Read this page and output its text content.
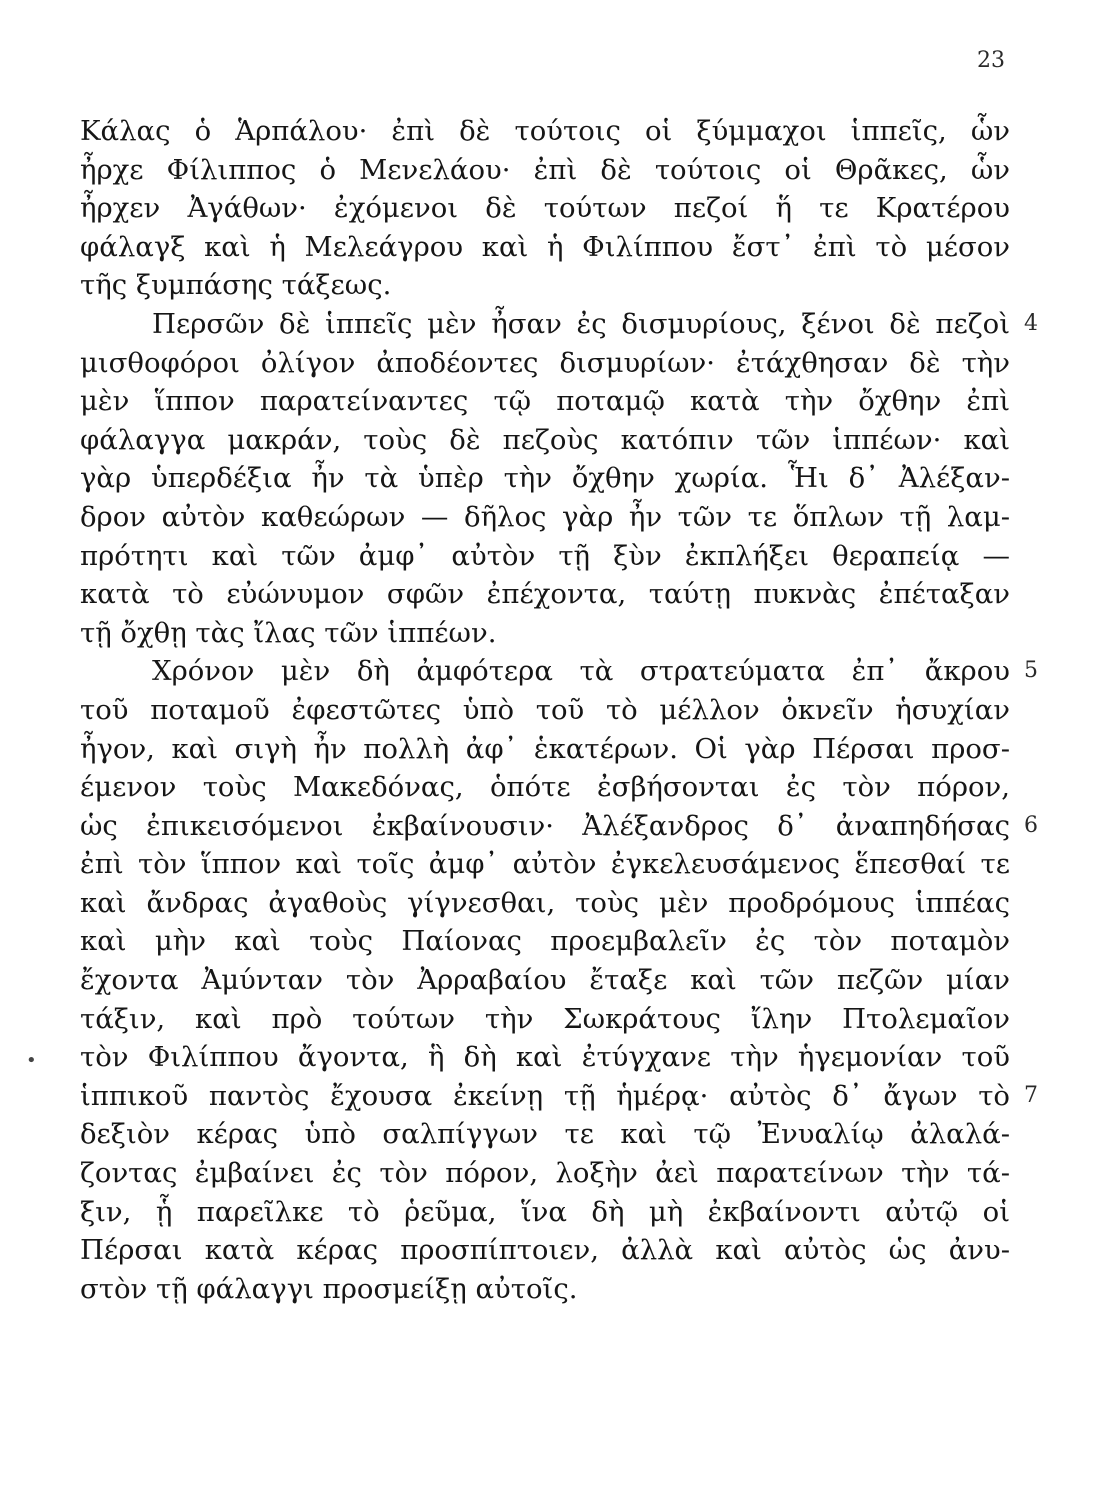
23
•
Κάλας ὁ Ἁρπάλου· ἐπὶ δὲ τούτοις οἱ ξύμμαχοι ἱππεῖς, ὧν
ἦρχε Φίλιππος ὁ Μενελάου· ἐπὶ δὲ τούτοις οἱ Θρᾶκες, ὧν
ἦρχεν Ἀγάθων· ἐχόμενοι δὲ τούτων πεζοί ἥ τε Κρατέρου
φάλαγξ καὶ ἡ Μελεάγρου καὶ ἡ Φιλίππου ἔστ᾽ ἐπὶ τὸ μέσον
τῆς ξυμπάσης τάξεως.
Περσῶν δὲ ἱππεῖς μὲν ἦσαν ἐς δισμυρίους, ξένοι δὲ πεζοὶ 4
μισθοφόροι ὀλίγον ἀποδέοντες δισμυρίων· ἐτάχθησαν δὲ τὴν
μὲν ἵππον παρατείναντες τῷ ποταμῷ κατὰ τὴν ὄχθην ἐπὶ
φάλαγγα μακράν, τοὺς δὲ πεζοὺς κατόπιν τῶν ἱππέων· καὶ
γὰρ ὑπερδέξια ἦν τὰ ὑπὲρ τὴν ὄχθην χωρία. Ἧι δ᾽ Ἀλέξαν-
δρον αὐτὸν καθεώρων — δῆλος γὰρ ἦν τῶν τε ὅπλων τῇ λαμ-
πρότητι καὶ τῶν ἀμφ᾽ αὐτὸν τῇ ξὺν ἐκπλήξει θεραπείᾳ —
κατὰ τὸ εὐώνυμον σφῶν ἐπέχοντα, ταύτῃ πυκνὰς ἐπέταξαν
τῇ ὄχθῃ τὰς ἴλας τῶν ἱππέων.
Χρόνον μὲν δὴ ἀμφότερα τὰ στρατεύματα ἐπ᾽ ἄκρου 5
τοῦ ποταμοῦ ἐφεστῶτες ὑπὸ τοῦ τὸ μέλλον ὀκνεῖν ἡσυχίαν
ἦγον, καὶ σιγὴ ἦν πολλὴ ἀφ᾽ ἑκατέρων. Οἱ γὰρ Πέρσαι προσ-
έμενον τοὺς Μακεδόνας, ὁπότε ἐσβήσονται ἐς τὸν πόρον,
ὡς ἐπικεισόμενοι ἐκβαίνουσιν· Ἀλέξανδρος δ᾽ ἀναπηδήσας 6
ἐπὶ τὸν ἵππον καὶ τοῖς ἀμφ᾽ αὐτὸν ἐγκελευσάμενος ἕπεσθαί τε
καὶ ἄνδρας ἀγαθοὺς γίγνεσθαι, τοὺς μὲν προδρόμους ἱππέας
καὶ μὴν καὶ τοὺς Παίονας προεμβαλεῖν ἐς τὸν ποταμὸν
ἔχοντα Ἀμύνταν τὸν Ἀρραβαίου ἔταξε καὶ τῶν πεζῶν μίαν
τάξιν, καὶ πρὸ τούτων τὴν Σωκράτους ἴλην Πτολεμαῖον
τὸν Φιλίππου ἄγοντα, ἣ δὴ καὶ ἐτύγχανε τὴν ἡγεμονίαν τοῦ
ἱππικοῦ παντὸς ἔχουσα ἐκείνῃ τῇ ἡμέρᾳ· αὐτὸς δ᾽ ἄγων τὸ 7
δεξιὸν κέρας ὑπὸ σαλπίγγων τε καὶ τῷ Ἐνυαλίῳ ἀλαλά-
ζοντας ἐμβαίνει ἐς τὸν πόρον, λοξὴν ἀεὶ παρατείνων τὴν τά-
ξιν, ᾗ παρεῖλκε τὸ ῥεῦμα, ἵνα δὴ μὴ ἐκβαίνοντι αὐτῷ οἱ
Πέρσαι κατὰ κέρας προσπίπτοιεν, ἀλλὰ καὶ αὐτὸς ὡς ἀνυ-
στὸν τῇ φάλαγγι προσμείξῃ αὐτοῖς.
